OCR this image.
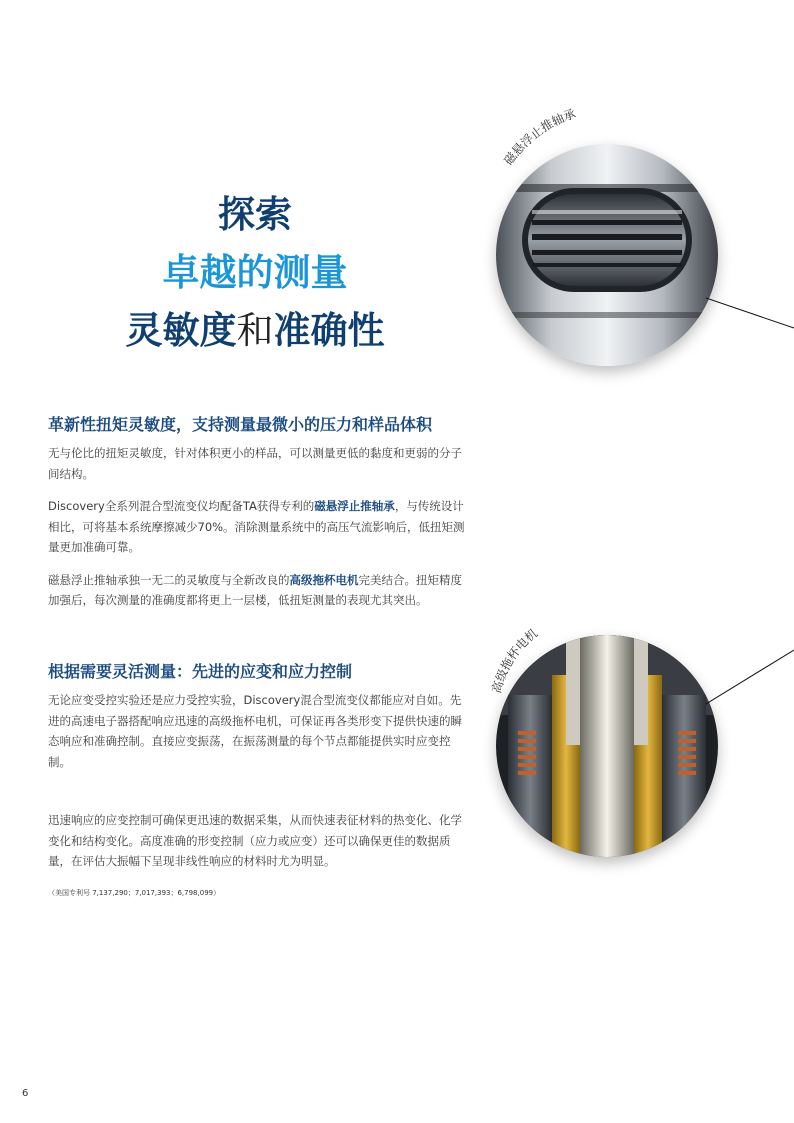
探索
卓越的测量
灵敏度和准确性
革新性扭矩灵敏度，支持测量最微小的压力和样品体积

无与伦比的扭矩灵敏度，针对体积更小的样品，可以测量更低的黏度和更弱的分子间结构。

Discovery全系列混合型流变仪均配备TA获得专利的磁悬浮止推轴承，与传统设计相比，可将基本系统摩擦减少70%。消除测量系统中的高压气流影响后，低扭矩测量更加准确可靠。

磁悬浮止推轴承独一无二的灵敏度与全新改良的高级拖杯电机完美结合。扭矩精度加强后，每次测量的准确度都将更上一层楼，低扭矩测量的表现尤其突出。

根据需要灵活测量：先进的应变和应力控制

无论应变受控实验还是应力受控实验，Discovery混合型流变仪都能应对自如。先进的高速电子器搭配响应迅速的高级拖杯电机，可保证再各类形变下提供快速的瞬态响应和准确控制。直接应变振荡，在振荡测量的每个节点都能提供实时应变控制。

迅速响应的应变控制可确保更迅速的数据采集，从而快速表征材料的热变化、化学变化和结构变化。高度准确的形变控制（应力或应变）还可以确保更佳的数据质量，在评估大振幅下呈现非线性响应的材料时尤为明显。

（美国专利号 7,137,290；7,017,393；6,798,099）
磁悬浮止推轴承
高级拖杯电机
6
